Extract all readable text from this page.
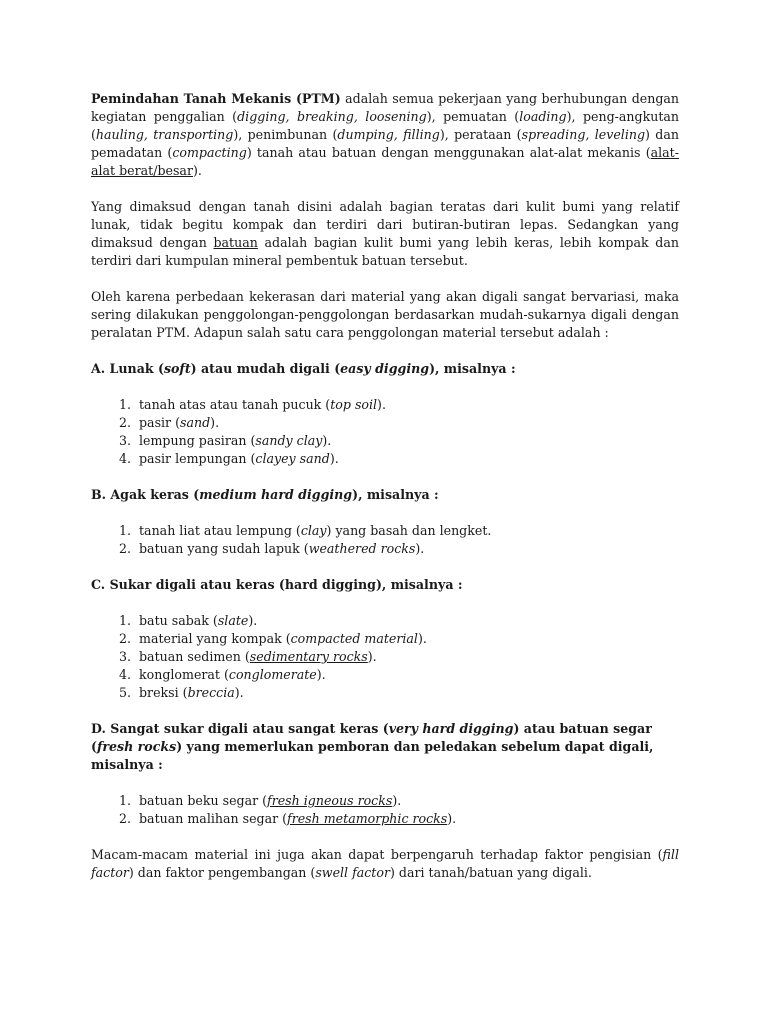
Pemindahan Tanah Mekanis (PTM) adalah semua pekerjaan yang berhubungan dengan kegiatan penggalian (digging, breaking, loosening), pemuatan (loading), peng-angkutan (hauling, transporting), penimbunan (dumping, filling), perataan (spreading, leveling) dan pemadatan (compacting) tanah atau batuan dengan menggunakan alat-alat mekanis (alat-alat berat/besar).

Yang dimaksud dengan tanah disini adalah bagian teratas dari kulit bumi yang relatif lunak, tidak begitu kompak dan terdiri dari butiran-butiran lepas. Sedangkan yang dimaksud dengan batuan adalah bagian kulit bumi yang lebih keras, lebih kompak dan terdiri dari kumpulan mineral pembentuk batuan tersebut.

Oleh karena perbedaan kekerasan dari material yang akan digali sangat bervariasi, maka sering dilakukan penggolongan-penggolongan berdasarkan mudah-sukarnya digali dengan peralatan PTM. Adapun salah satu cara penggolongan material tersebut adalah :

A. Lunak (soft) atau mudah digali (easy digging), misalnya :

1. tanah atas atau tanah pucuk (top soil).
2. pasir (sand).
3. lempung pasiran (sandy clay).
4. pasir lempungan (clayey sand).

B. Agak keras (medium hard digging), misalnya :

1. tanah liat atau lempung (clay) yang basah dan lengket.
2. batuan yang sudah lapuk (weathered rocks).

C. Sukar digali atau keras (hard digging), misalnya :

1. batu sabak (slate).
2. material yang kompak (compacted material).
3. batuan sedimen (sedimentary rocks).
4. konglomerat (conglomerate).
5. breksi (breccia).

D. Sangat sukar digali atau sangat keras (very hard digging) atau batuan segar (fresh rocks) yang memerlukan pemboran dan peledakan sebelum dapat digali, misalnya :

1. batuan beku segar (fresh igneous rocks).
2. batuan malihan segar (fresh metamorphic rocks).

Macam-macam material ini juga akan dapat berpengaruh terhadap faktor pengisian (fill factor) dan faktor pengembangan (swell factor) dari tanah/batuan yang digali.
